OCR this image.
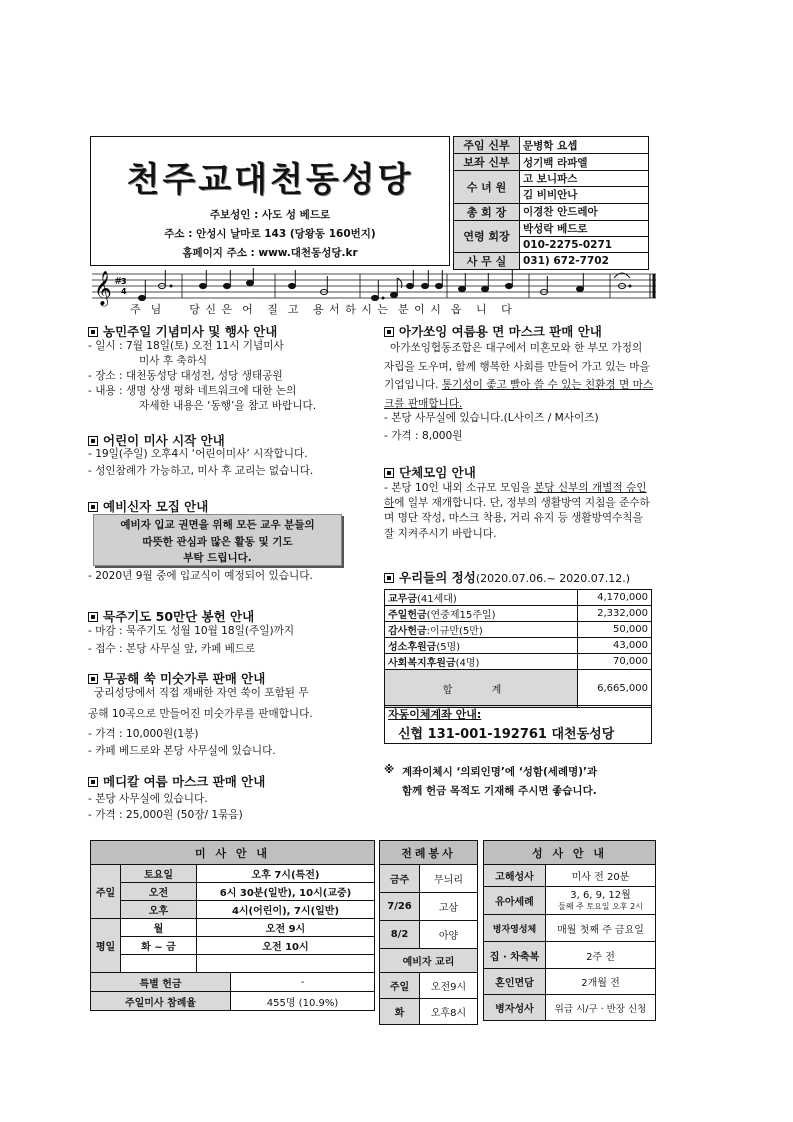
천주교대천동성당
주보성인 : 사도 성 베드로
주소 : 안성시 날마로 143 (당왕동 160번지)
홈페이지 주소 : www.대천동성당.kr
주임 신부	문병학 요셉
보좌 신부	성기백 라파엘
수 녀 원	고 보니파스
	김 비비안나
총 회 장	이경찬 안드레아
연령 회장	박성락 베드로
	010-2275-0271
사 무 실	031) 672-7702
𝄞 #
3
4
주  님      당 신 은  어   질  고   용 서 하 시 는  분 이 시  옵   니   다
농민주일 기념미사 및 행사 안내
- 일시 : 7월 18일(토) 오전 11시 기념미사
미사 후 축하식
- 장소 : 대천동성당 대성전, 성당 생태공원
- 내용 : 생명 상생 평화 네트워크에 대한 논의
자세한 내용은 ‘동행’을 참고 바랍니다.
어린이 미사 시작 안내
- 19일(주일) 오후4시 ‘어린이미사’ 시작합니다.
- 성인참례가 가능하고, 미사 후 교리는 없습니다.
예비신자 모집 안내
예비자 입교 권면을 위해 모든 교우 분들의
따뜻한 관심과 많은 활동 및 기도
부탁 드립니다.
- 2020년 9월 중에 입교식이 예정되어 있습니다.
묵주기도 50만단 봉헌 안내
- 마감 : 묵주기도 성월 10월 18일(주일)까지
- 접수 : 본당 사무실 앞, 카페 베드로
무공해 쑥 미숫가루 판매 안내
궁리성당에서 직접 재배한 자연 쑥이 포함된 무
공해 10곡으로 만들어진 미숫가루를 판매합니다.
- 가격 : 10,000원(1봉)
- 카페 베드로와 본당 사무실에 있습니다.
메디칼 여름 마스크 판매 안내
- 본당 사무실에 있습니다.
- 가격 : 25,000원 (50장/ 1묶음)
아가쏘잉 여름용 면 마스크 판매 안내
아가쏘잉협동조합은 대구에서 미혼모와 한 부모 가정의 자립을 도우며, 함께 행복한 사회를 만들어 가고 있는 마을기업입니다. 통기성이 좋고 빨아 쓸 수 있는 친환경 면 마스크를 판매합니다.
- 본당 사무실에 있습니다.(L사이즈 / M사이즈)
- 가격 : 8,000원
단체모임 안내
- 본당 10인 내외 소규모 모임을 본당 신부의 개별적 승인 하에 일부 재개합니다. 단, 정부의 생활방역 지침을 준수하며 명단 작성, 마스크 착용, 거리 유지 등 생활방역수칙을 잘 지켜주시기 바랍니다.
우리들의 정성(2020.07.06.~ 2020.07.12.)
교무금(41세대)	4,170,000
주일헌금(연중제15주일)	2,332,000
감사헌금:이규만(5만)	50,000
성소후원금(5명)	43,000
사회복지후원금(4명)	70,000
합 계	6,665,000
자동이체계좌 안내:
신협 131-001-192761 대천동성당
※ 계좌이체시 ‘의뢰인명’에 ‘성함(세례명)’과
함께 헌금 목적도 기재해 주시면 좋습니다.
미 사 안 내			
주일	토요일	오후 7시(특전)	
	오전	6시 30분(일반), 10시(교중)	
	오후	4시(어린이), 7시(일반)	
평일	월	오전 9시	
	화 ~ 금	오전 10시	

특별 헌금			-
주일미사 참례율			455명 (10.9%)
전례봉사	
금주	무늬리
7/26	고삼
8/2	아양
예비자 교리	
주일	오전9시
화	오후8시
성 사 안 내	
고해성사	미사 전 20분
유아세례	3, 6, 9, 12월
둘째 주 토요일 오후 2시

병자영성체	매월 첫째 주 금요일
집 · 차축복	2주 전
혼인면담	2개월 전
병자성사	위급 시/구 · 반장 신청
